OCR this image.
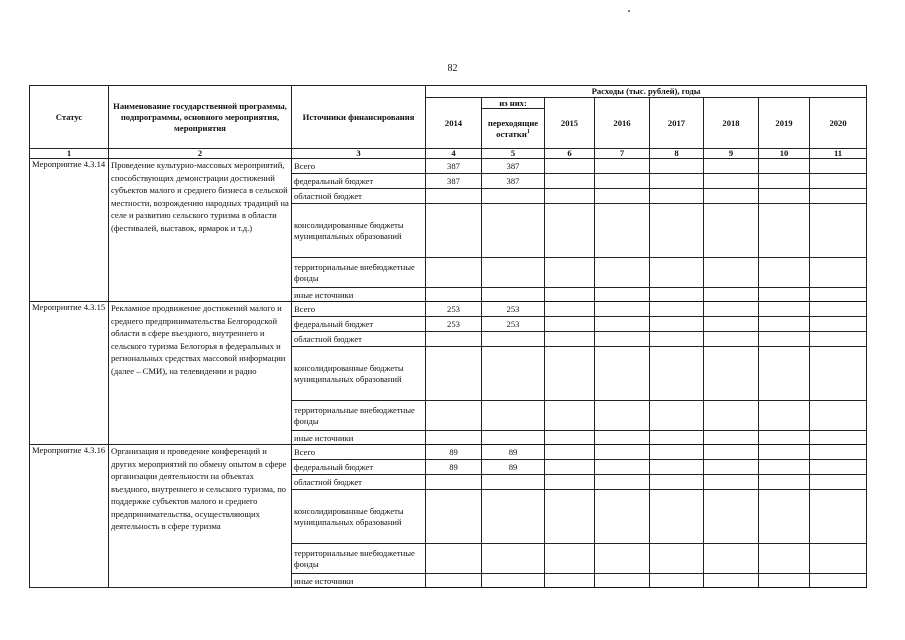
82
Статус	Наименование государственной программы, подпрограммы, основного мероприятия, мероприятия	Источники финансирования	Расходы (тыс. рублей), годы							
			2014	из них:	2015	2016	2017	2018	2019	2020
				переходящие остатки$^1$
1	2	3	4	5	6	7	8	9	10	11
Мероприятие 4.3.14	Проведение культурно-массовых мероприятий, способствующих демонстрации достижений субъектов малого и среднего бизнеса в сельской местности, возрождению народных традиций на селе и развитию сельского туризма в области (фестивалей, выставок, ярмарок и т.д.)	Всего	387	387						
		федеральный бюджет	387	387						
		областной бюджет								
		консолидированные бюджеты муниципальных образований								
		территориальные внебюджетные фонды								
		иные источники								
Мероприятие 4.3.15	Рекламное продвижение достижений малого и среднего предпринимательства Белгородской области в сфере въездного, внутреннего и сельского туризма Белогорья в федеральных и региональных средствах массовой информации (далее – СМИ), на телевидении и радио	Всего	253	253						
		федеральный бюджет	253	253						
		областной бюджет								
		консолидированные бюджеты муниципальных образований								
		территориальные внебюджетные фонды								
		иные источники								
Мероприятие 4.3.16	Организация и проведение конференций и других мероприятий по обмену опытом в сфере организации деятельности на объектах въездного, внутреннего и сельского туризма, по поддержке субъектов малого и среднего предпринимательства, осуществляющих деятельность в сфере туризма	Всего	89	89						
		федеральный бюджет	89	89						
		областной бюджет								
		консолидированные бюджеты муниципальных образований								
		территориальные внебюджетные фонды								
		иные источники								
